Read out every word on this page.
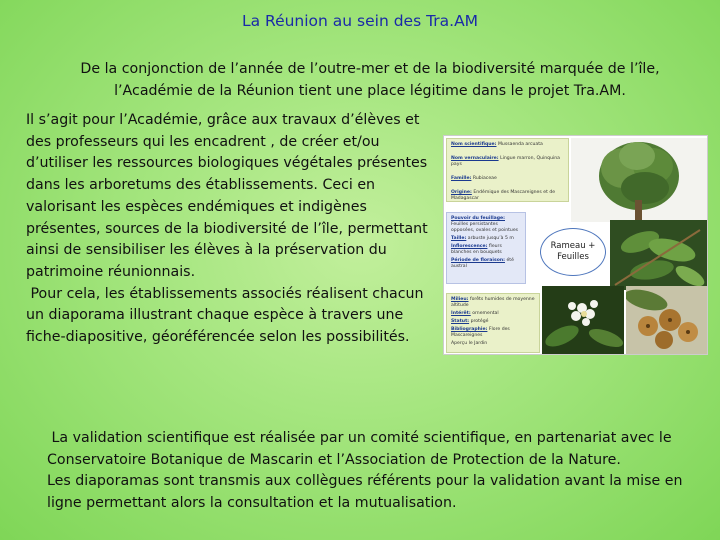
La Réunion au sein des Tra.AM
De la conjonction de l’année de l’outre-mer et de la biodiversité marquée de l’île,
l’Académie de la Réunion tient une place légitime dans le projet Tra.AM.

Il s’agit pour l’Académie, grâce aux travaux d’élèves et

des professeurs qui les encadrent , de créer et/ou

d’utiliser les ressources biologiques végétales présentes

dans les arboretums des établissements. Ceci en

valorisant les espèces endémiques et indigènes

présentes, sources de la biodiversité de l’île, permettant

ainsi de sensibiliser les élèves à la préservation du

patrimoine réunionnais.

Pour cela, les établissements associés réalisent chacun

un diaporama illustrant chaque espèce à travers une

fiche-diapositive, géoréférencée selon les possibilités.

Nom scientifique: Mussaenda arcuata
Nom vernaculaire: Lingue marron, Quinquina pays
Famille: Rubiaceae
Origine: Endémique des Mascareignes et de Madagascar
Pouvoir du feuillage: Feuilles persistantes opposées, ovales et pointues
Taille: arbuste jusqu’à 5 m
Inflorescence: fleurs blanches en bouquets
Période de floraison: été austral
Milieu: forêts humides de moyenne altitude
Intérêt: ornemental
Statut: protégé
Bibliographie: Flore des Mascareignes
Aperçu le Jardin
Rameau +
Feuilles

La validation scientifique est réalisée par un comité scientifique, en partenariat avec le

Conservatoire Botanique de Mascarin et l’Association de Protection de la Nature.

Les diaporamas sont transmis aux collègues référents pour la validation avant la mise en

ligne permettant alors la consultation et la mutualisation.
